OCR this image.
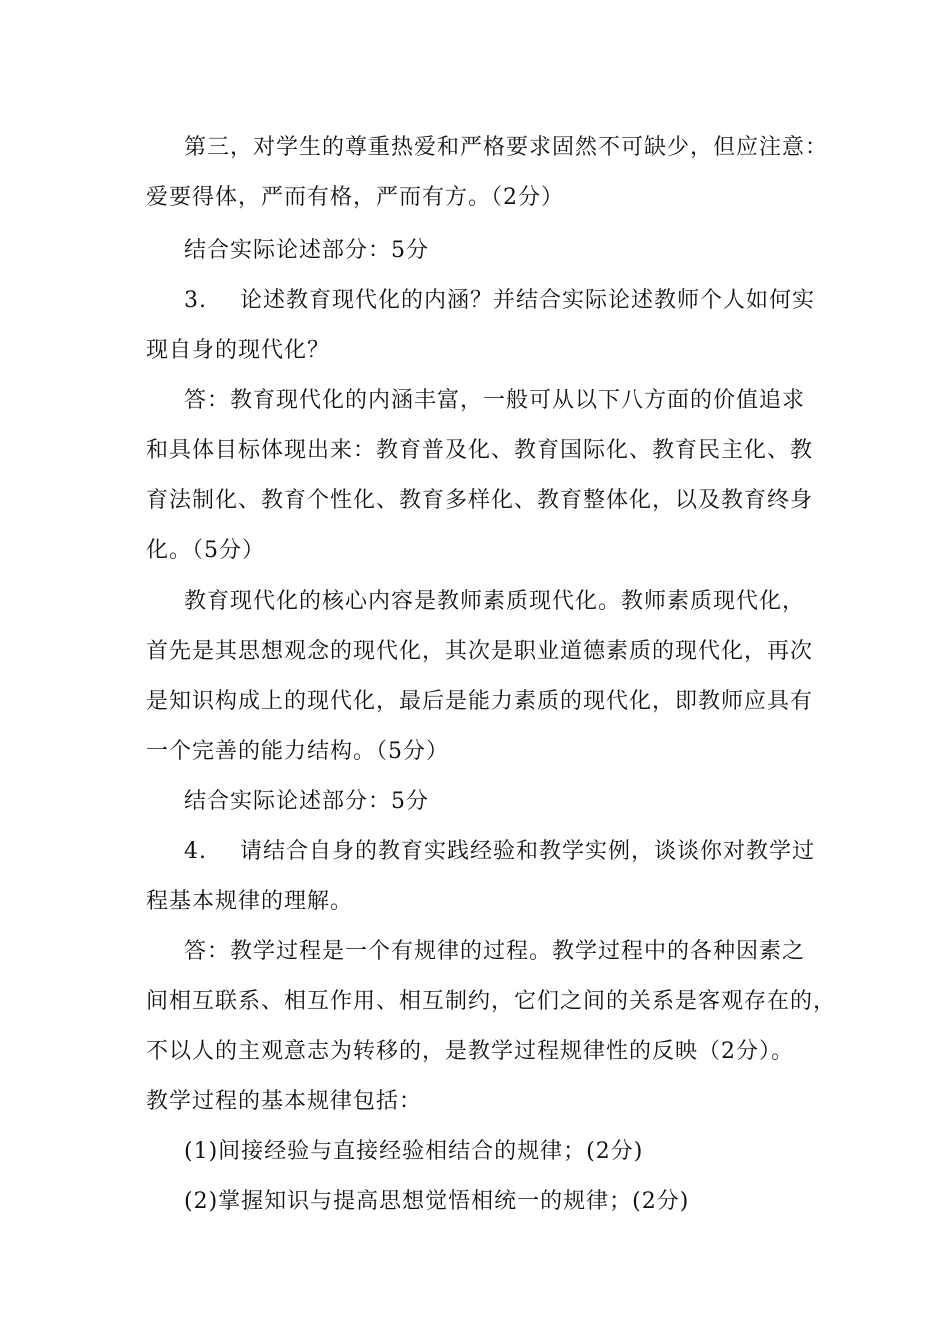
第三，对学生的尊重热爱和严格要求固然不可缺少，但应注意：
爱要得体，严而有格，严而有方。（2分）
结合实际论述部分：5分
3. 论述教育现代化的内涵？并结合实际论述教师个人如何实
现自身的现代化？
答：教育现代化的内涵丰富，一般可从以下八方面的价值追求
和具体目标体现出来：教育普及化、教育国际化、教育民主化、教
育法制化、教育个性化、教育多样化、教育整体化，以及教育终身
化。（5分）
教育现代化的核心内容是教师素质现代化。教师素质现代化，
首先是其思想观念的现代化，其次是职业道德素质的现代化，再次
是知识构成上的现代化，最后是能力素质的现代化，即教师应具有
一个完善的能力结构。（5分）
结合实际论述部分：5分
4. 请结合自身的教育实践经验和教学实例，谈谈你对教学过
程基本规律的理解。
答：教学过程是一个有规律的过程。教学过程中的各种因素之
间相互联系、相互作用、相互制约，它们之间的关系是客观存在的，
不以人的主观意志为转移的，是教学过程规律性的反映（2分）。
教学过程的基本规律包括：
(1)间接经验与直接经验相结合的规律；(2分)
(2)掌握知识与提高思想觉悟相统一的规律；(2分)
